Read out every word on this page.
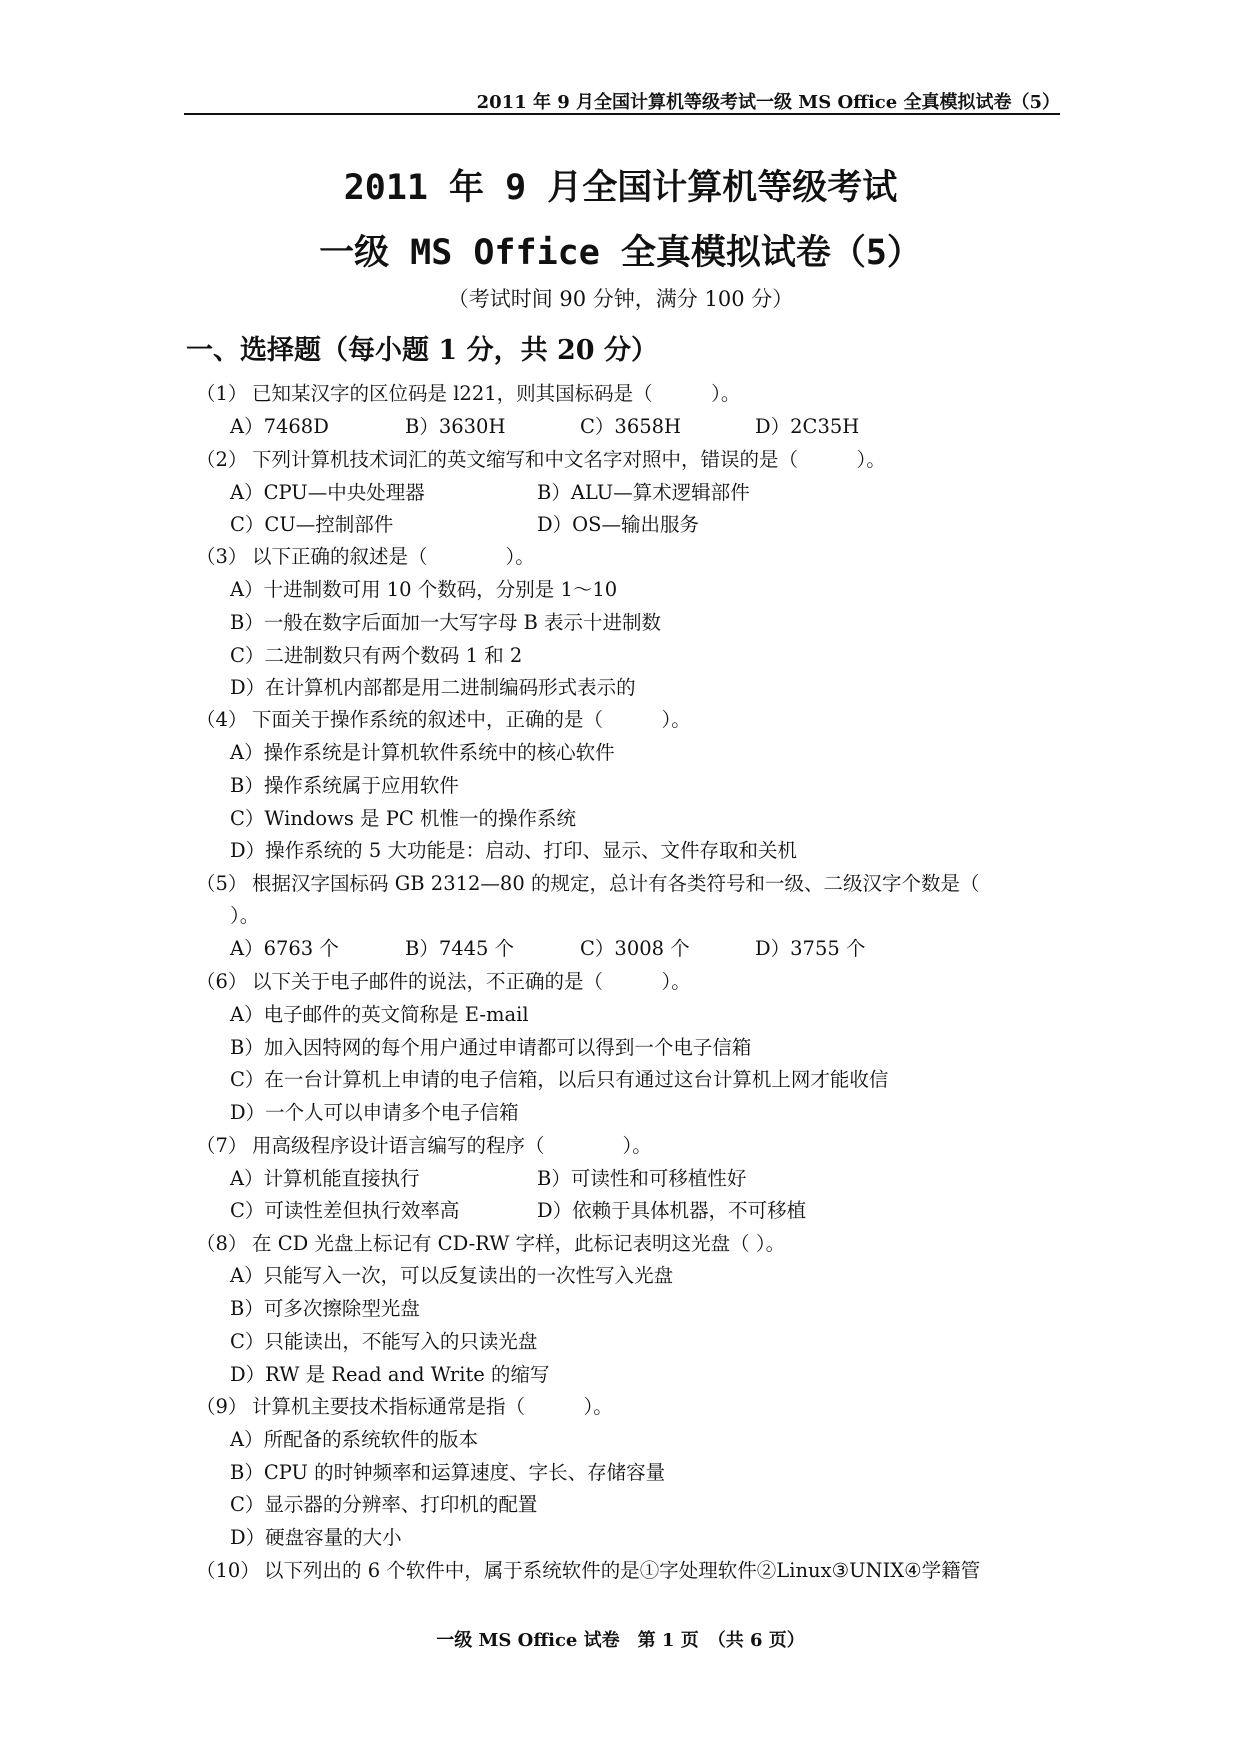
2011 年 9 月全国计算机等级考试一级 MS Office 全真模拟试卷（5）
2011 年 9 月全国计算机等级考试
一级 MS Office 全真模拟试卷（5）
（考试时间 90 分钟，满分 100 分）
一、选择题（每小题 1 分，共 20 分）
（1） 已知某汉字的区位码是 l221，则其国标码是（　　　）。
A）7468D	B）3630H	C）3658H	D）2C35H
（2） 下列计算机技术词汇的英文缩写和中文名字对照中，错误的是（　　　）。
A）CPU—中央处理器	B）ALU—算术逻辑部件
C）CU—控制部件	D）OS—输出服务
（3） 以下正确的叙述是（　　　　）。
A）十进制数可用 10 个数码，分别是 1～10
B）一般在数字后面加一大写字母 B 表示十进制数
C）二进制数只有两个数码 1 和 2
D）在计算机内部都是用二进制编码形式表示的
（4） 下面关于操作系统的叙述中，正确的是（　　　）。
A）操作系统是计算机软件系统中的核心软件
B）操作系统属于应用软件
C）Windows 是 PC 机惟一的操作系统
D）操作系统的 5 大功能是：启动、打印、显示、文件存取和关机
（5） 根据汉字国标码 GB 2312—80 的规定，总计有各类符号和一级、二级汉字个数是（
）。
A）6763 个	B）7445 个	C）3008 个	D）3755 个
（6） 以下关于电子邮件的说法，不正确的是（　　　）。
A）电子邮件的英文简称是 E-mail
B）加入因特网的每个用户通过申请都可以得到一个电子信箱
C）在一台计算机上申请的电子信箱，以后只有通过这台计算机上网才能收信
D）一个人可以申请多个电子信箱
（7） 用高级程序设计语言编写的程序（　　　　）。
A）计算机能直接执行	B）可读性和可移植性好
C）可读性差但执行效率高	D）依赖于具体机器，不可移植
（8） 在 CD 光盘上标记有 CD-RW 字样，此标记表明这光盘（ ）。
A）只能写入一次，可以反复读出的一次性写入光盘
B）可多次擦除型光盘
C）只能读出，不能写入的只读光盘
D）RW 是 Read and Write 的缩写
（9） 计算机主要技术指标通常是指（　　　）。
A）所配备的系统软件的版本
B）CPU 的时钟频率和运算速度、字长、存储容量
C）显示器的分辨率、打印机的配置
D）硬盘容量的大小
（10） 以下列出的 6 个软件中，属于系统软件的是①字处理软件②Linux③UNIX④学籍管
一级 MS Office 试卷　第 1 页　（共 6 页）
